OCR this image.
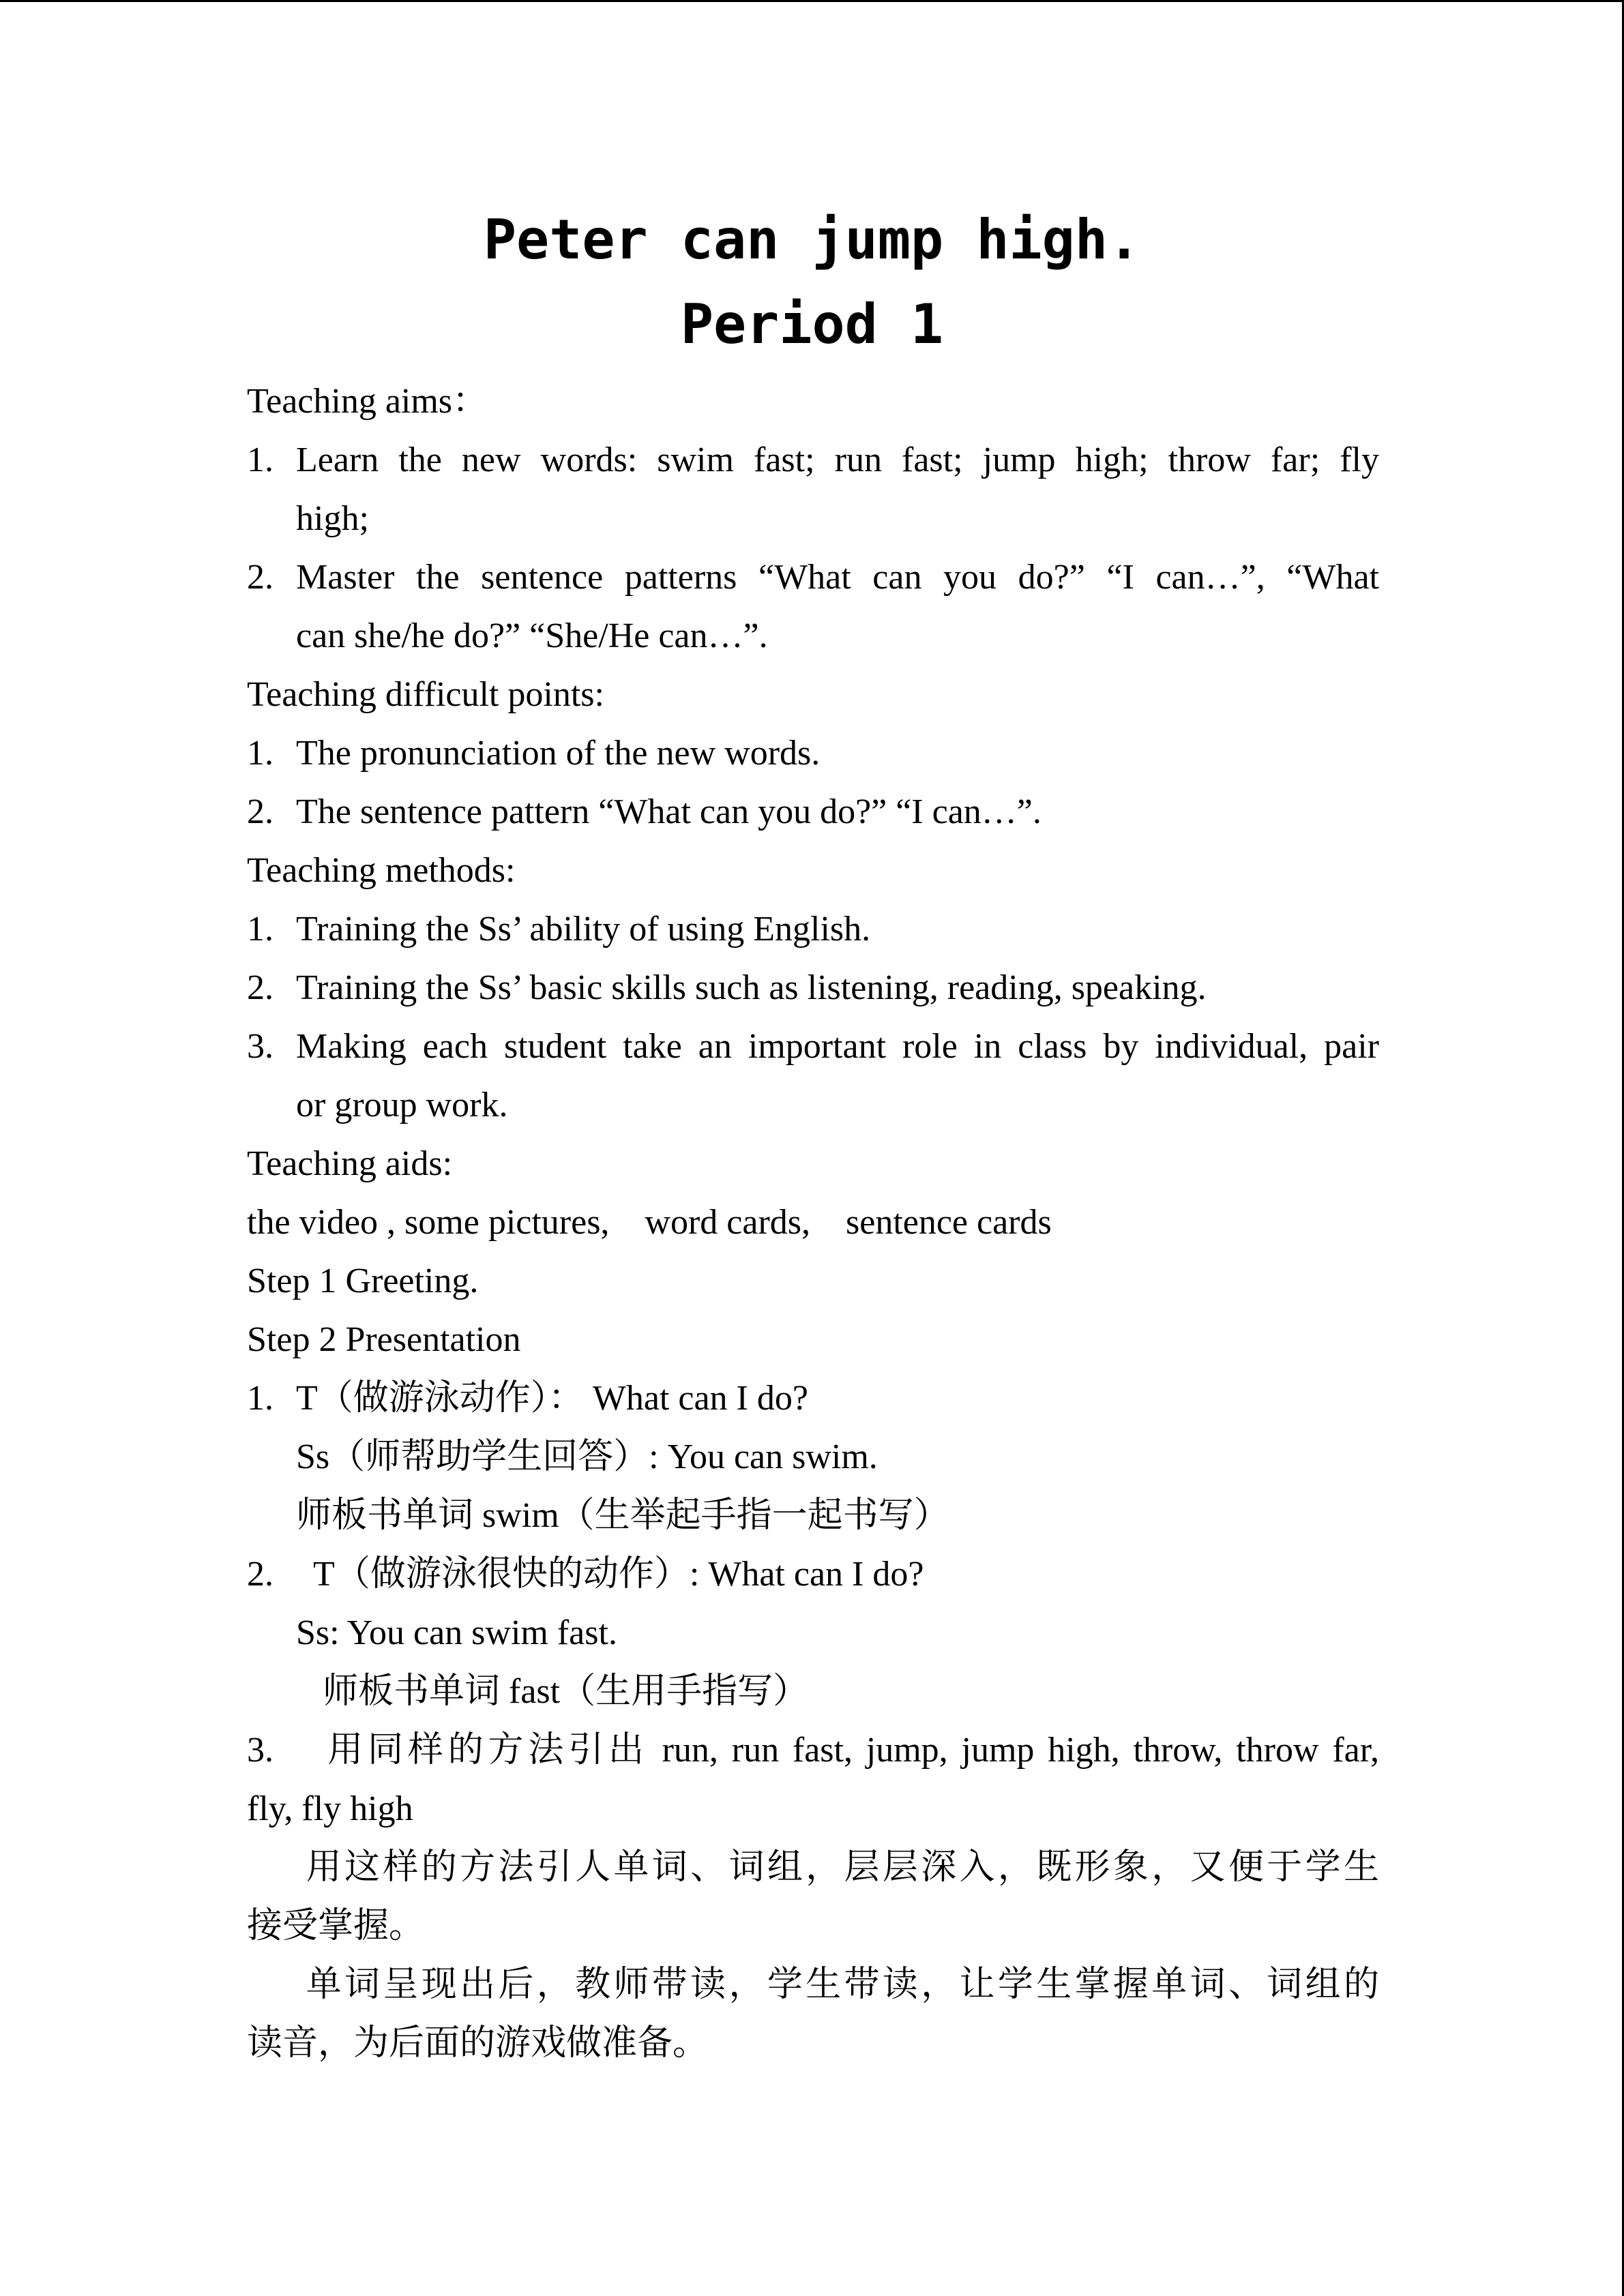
Peter can jump high.
Period 1
Teaching aims：
1. Learn the new words: swim fast; run fast; jump high; throw far; fly
high;
2. Master the sentence patterns “What can you do?” “I can…”, “What
can she/he do?” “She/He can…”.
Teaching difficult points:
1. The pronunciation of the new words.
2. The sentence pattern “What can you do?” “I can…”.
Teaching methods:
1. Training the Ss’ ability of using English.
2. Training the Ss’ basic skills such as listening, reading, speaking.
3. Making each student take an important role in class by individual, pair
or group work.
Teaching aids:
the video , some pictures,    word cards,    sentence cards
Step 1 Greeting.
Step 2 Presentation
1. T（做游泳动作）： What can I do?
Ss（师帮助学生回答）: You can swim.
师板书单词 swim（生举起手指一起书写）
2. T（做游泳很快的动作）: What can I do?
Ss: You can swim fast.
师板书单词 fast（生用手指写）
3.    用同样的方法引出 run, run fast, jump, jump high, throw, throw far,
fly, fly high
用这样的方法引人单词、词组，层层深入，既形象，又便于学生
接受掌握。
单词呈现出后，教师带读，学生带读，让学生掌握单词、词组的
读音，为后面的游戏做准备。
